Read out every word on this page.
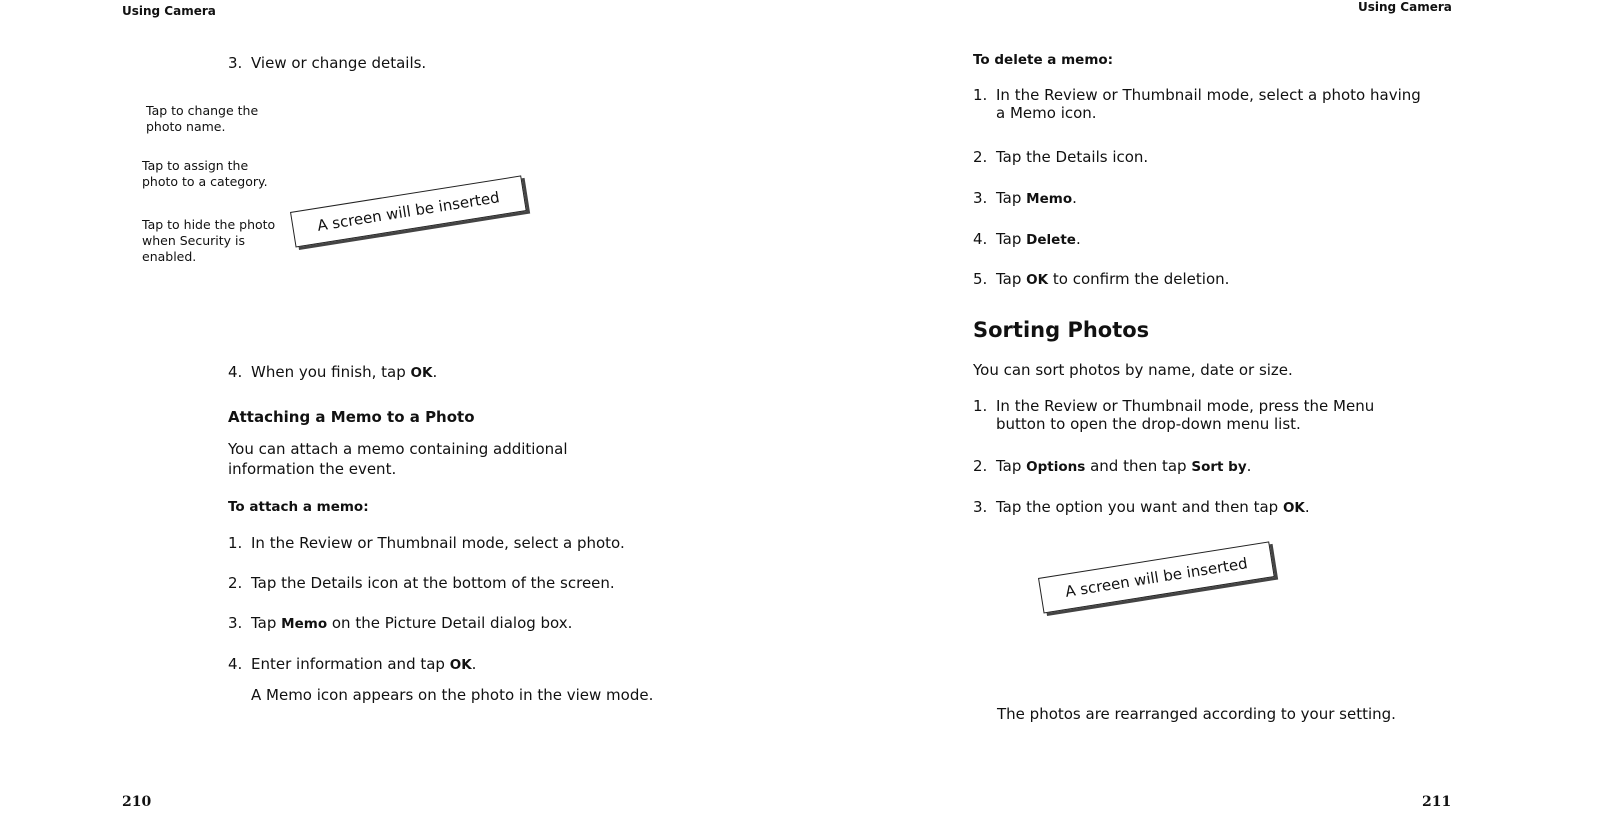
Using Camera
3. View or change details.
Tap to change the photo name.
Tap to assign the photo to a category.
Tap to hide the photo when Security is enabled.
A screen will be inserted
4. When you finish, tap OK.
Attaching a Memo to a Photo
You can attach a memo containing additional
information the event.
To attach a memo:
1. In the Review or Thumbnail mode, select a photo.
2. Tap the Details icon at the bottom of the screen.
3. Tap Memo on the Picture Detail dialog box.
4. Enter information and tap OK.
A Memo icon appears on the photo in the view mode.
210
Using Camera
To delete a memo:
1. In the Review or Thumbnail mode, select a photo having
a Memo icon.
2. Tap the Details icon.
3. Tap Memo.
4. Tap Delete.
5. Tap OK to confirm the deletion.
Sorting Photos
You can sort photos by name, date or size.
1. In the Review or Thumbnail mode, press the Menu
button to open the drop-down menu list.
2. Tap Options and then tap Sort by.
3. Tap the option you want and then tap OK.
A screen will be inserted
The photos are rearranged according to your setting.
211
